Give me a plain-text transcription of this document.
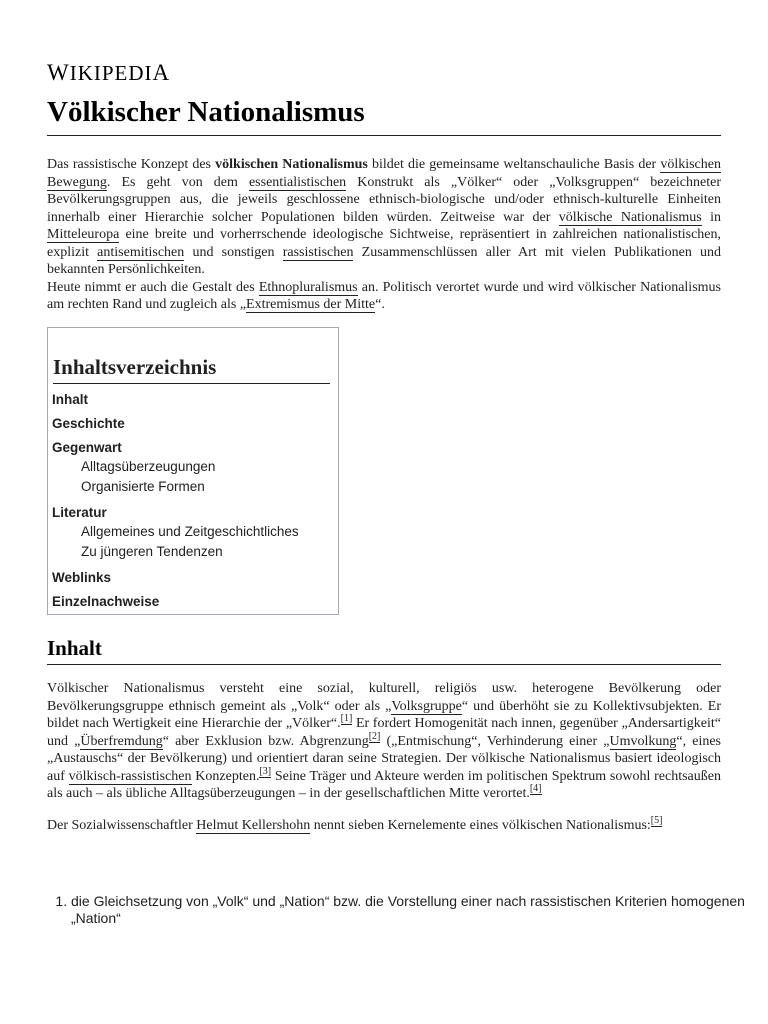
WIKIPEDIA
Völkischer Nationalismus

Das rassistische Konzept des völkischen Nationalismus bildet die gemeinsame weltanschauliche Basis der völkischen Bewegung. Es geht von dem essentialistischen Konstrukt als „Völker“ oder „Volksgruppen“ bezeichneter Bevölkerungsgruppen aus, die jeweils geschlossene ethnisch-biologische und/oder ethnisch-kulturelle Einheiten innerhalb einer Hierarchie solcher Populationen bilden würden. Zeitweise war der völkische Nationalismus in Mitteleuropa eine breite und vorherrschende ideologische Sichtweise, repräsentiert in zahlreichen nationalistischen, explizit antisemitischen und sonstigen rassistischen Zusammenschlüssen aller Art mit vielen Publikationen und bekannten Persönlichkeiten.
Heute nimmt er auch die Gestalt des Ethnopluralismus an. Politisch verortet wurde und wird völkischer Nationalismus am rechten Rand und zugleich als „Extremismus der Mitte“.

Inhaltsverzeichnis
Inhalt
Geschichte
Gegenwart
Alltagsüberzeugungen
Organisierte Formen
Literatur
Allgemeines und Zeitgeschichtliches
Zu jüngeren Tendenzen
Weblinks
Einzelnachweise
Inhalt

Völkischer Nationalismus versteht eine sozial, kulturell, religiös usw. heterogene Bevölkerung oder Bevölkerungsgruppe ethnisch gemeint als „Volk“ oder als „Volksgruppe“ und überhöht sie zu Kollektivsubjekten. Er bildet nach Wertigkeit eine Hierarchie der „Völker“.[1] Er fordert Homogenität nach innen, gegenüber „Andersartigkeit“ und „Überfremdung“ aber Exklusion bzw. Abgrenzung[2] („Entmischung“, Verhinderung einer „Umvolkung“, eines „Austauschs“ der Bevölkerung) und orientiert daran seine Strategien. Der völkische Nationalismus basiert ideologisch auf völkisch-rassistischen Konzepten.[3] Seine Träger und Akteure werden im politischen Spektrum sowohl rechtsaußen als auch – als übliche Alltagsüberzeugungen – in der gesellschaftlichen Mitte verortet.[4]

Der Sozialwissenschaftler Helmut Kellershohn nennt sieben Kernelemente eines völkischen Nationalismus:[5]

1. die Gleichsetzung von „Volk“ und „Nation“ bzw. die Vorstellung einer nach rassistischen Kriterien homogenen „Nation“
